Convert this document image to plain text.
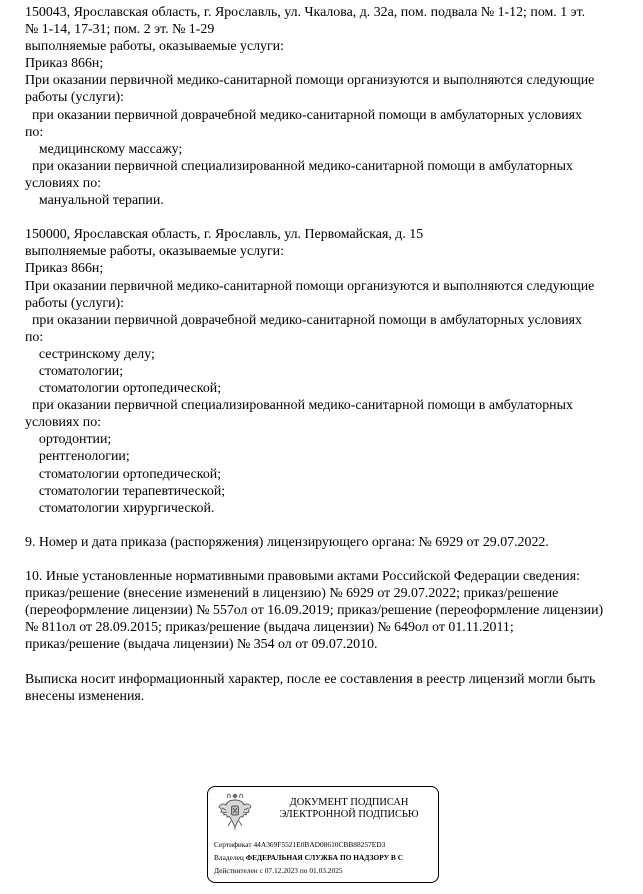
150043, Ярославская область, г. Ярославль, ул. Чкалова, д. 32а, пом. подвала № 1-12; пом. 1 эт.
№ 1-14, 17-31; пом. 2 эт. № 1-29
выполняемые работы, оказываемые услуги:
Приказ 866н;
При оказании первичной медико-санитарной помощи организуются и выполняются следующие
работы (услуги):
при оказании первичной доврачебной медико-санитарной помощи в амбулаторных условиях
по:
медицинскому массажу;
при оказании первичной специализированной медико-санитарной помощи в амбулаторных
условиях по:
мануальной терапии.
150000, Ярославская область, г. Ярославль, ул. Первомайская, д. 15
выполняемые работы, оказываемые услуги:
Приказ 866н;
При оказании первичной медико-санитарной помощи организуются и выполняются следующие
работы (услуги):
при оказании первичной доврачебной медико-санитарной помощи в амбулаторных условиях
по:
сестринскому делу;
стоматологии;
стоматологии ортопедической;
при оказании первичной специализированной медико-санитарной помощи в амбулаторных
условиях по:
ортодонтии;
рентгенологии;
стоматологии ортопедической;
стоматологии терапевтической;
стоматологии хирургической.
9. Номер и дата приказа (распоряжения) лицензирующего органа: № 6929 от 29.07.2022.
10. Иные установленные нормативными правовыми актами Российской Федерации сведения:
приказ/решение (внесение изменений в лицензию) № 6929 от 29.07.2022; приказ/решение
(переоформление лицензии) № 557ол от 16.09.2019; приказ/решение (переоформление лицензии)
№ 811ол от 28.09.2015; приказ/решение (выдача лицензии) № 649ол от 01.11.2011;
приказ/решение (выдача лицензии) № 354 ол от 09.07.2010.
Выписка носит информационный характер, после ее составления в реестр лицензий могли быть
внесены изменения.
ДОКУМЕНТ ПОДПИСАН
ЭЛЕКТРОННОЙ ПОДПИСЬЮ
Сертификат 44A369F5521E0BAD08610CBB88257ED3
Владелец ФЕДЕРАЛЬНАЯ СЛУЖБА ПО НАДЗОРУ В С
Действителен с 07.12.2023 по 01.03.2025
